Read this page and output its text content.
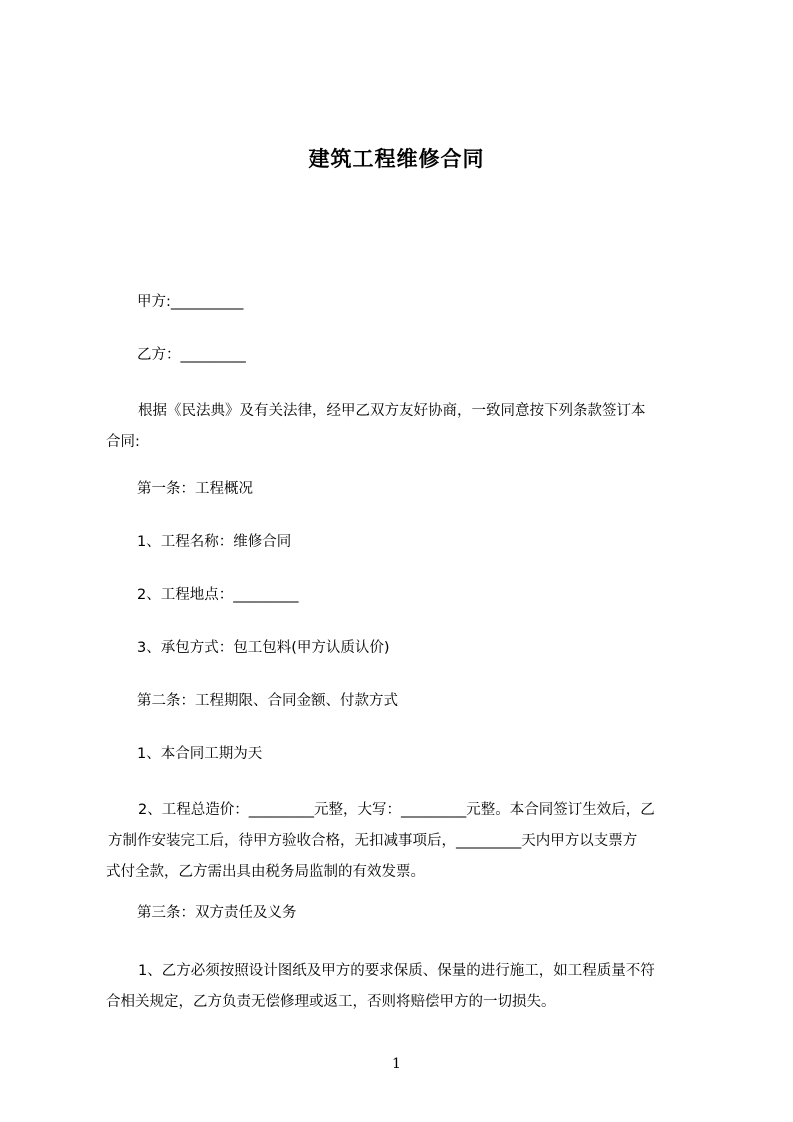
建筑工程维修合同
甲方:__________
乙方：_________
根据《民法典》及有关法律，经甲乙双方友好协商，一致同意按下列条款签订本
合同:
第一条：工程概况
1、工程名称：维修合同
2、工程地点：_________
3、承包方式：包工包料(甲方认质认价)
第二条：工程期限、合同金额、付款方式
1、本合同工期为天
2、工程总造价：_________元整，大写：_________元整。本合同签订生效后，乙
方制作安装完工后，待甲方验收合格，无扣减事项后，_________天内甲方以支票方
式付全款，乙方需出具由税务局监制的有效发票。
第三条：双方责任及义务
1、乙方必须按照设计图纸及甲方的要求保质、保量的进行施工，如工程质量不符
合相关规定，乙方负责无偿修理或返工，否则将赔偿甲方的一切损失。
1
